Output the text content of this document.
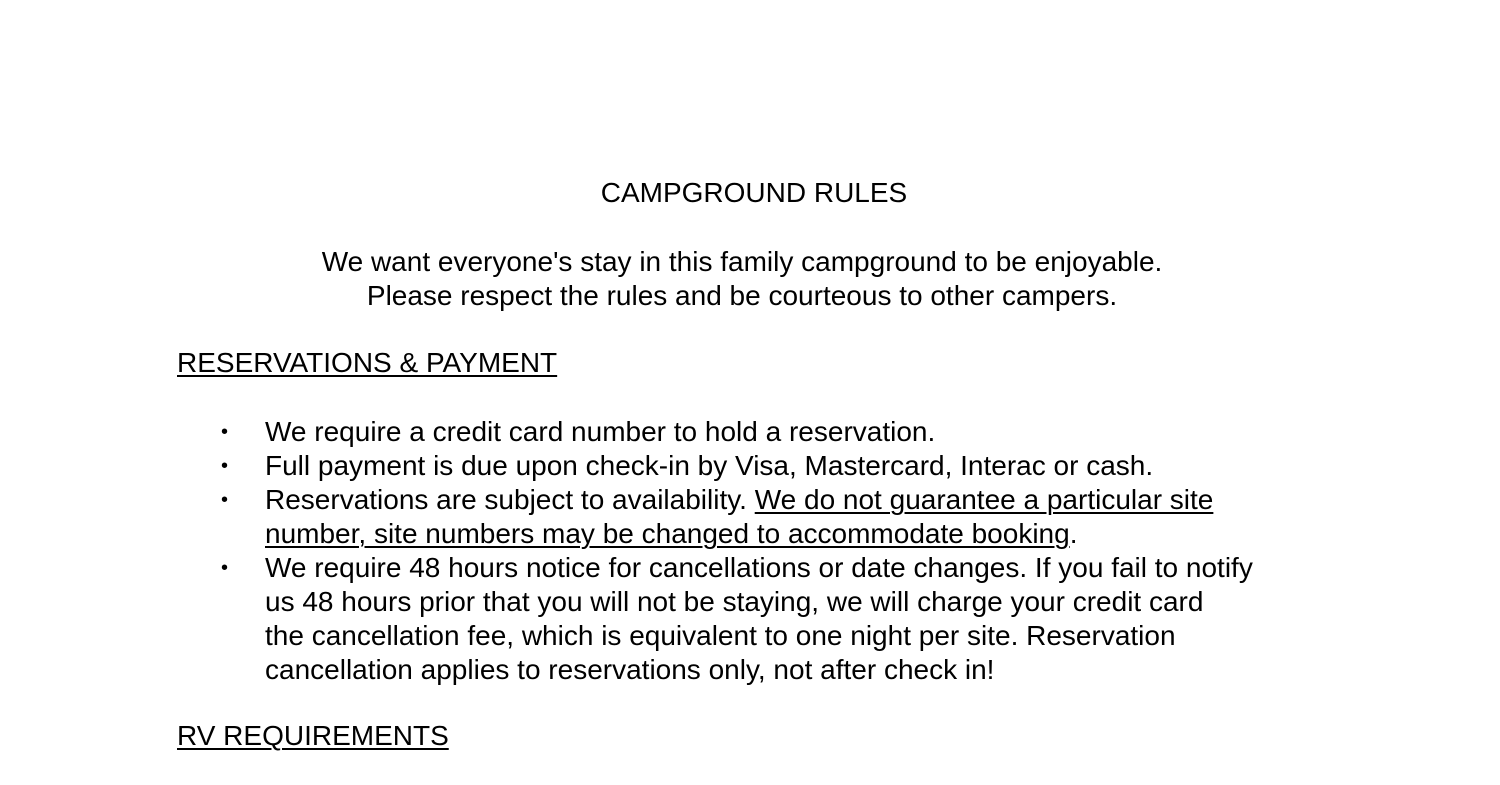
CAMPGROUND RULES
We want everyone's stay in this family campground to be enjoyable.
Please respect the rules and be courteous to other campers.
RESERVATIONS & PAYMENT
• We require a credit card number to hold a reservation.
• Full payment is due upon check-in by Visa, Mastercard, Interac or cash.
• Reservations are subject to availability. We do not guarantee a particular site
number, site numbers may be changed to accommodate booking.
• We require 48 hours notice for cancellations or date changes. If you fail to notify
us 48 hours prior that you will not be staying, we will charge your credit card
the cancellation fee, which is equivalent to one night per site. Reservation
cancellation applies to reservations only, not after check in!
RV REQUIREMENTS
